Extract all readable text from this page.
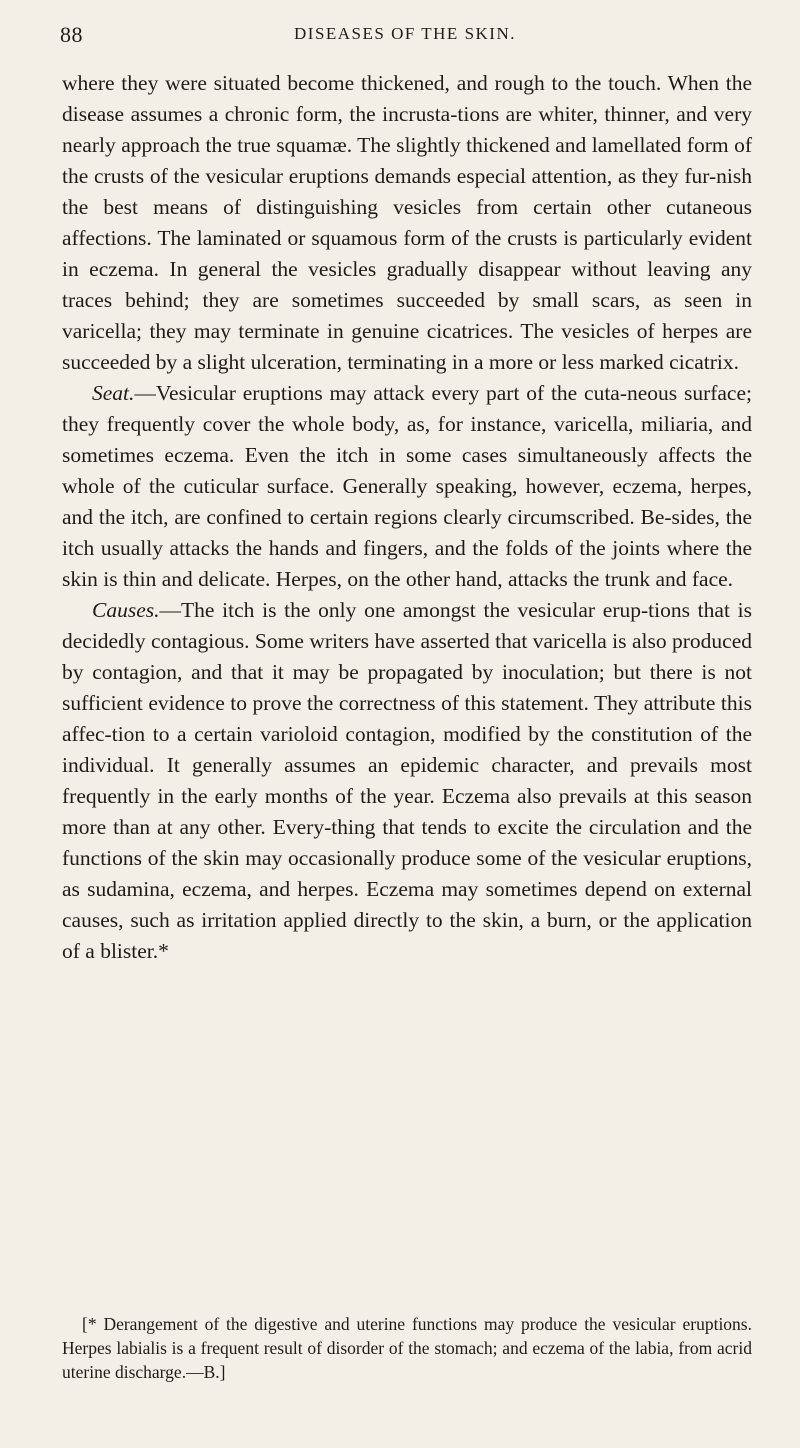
88	DISEASES OF THE SKIN.

where they were situated become thickened, and rough to the touch. When the disease assumes a chronic form, the incrusta-tions are whiter, thinner, and very nearly approach the true squamæ. The slightly thickened and lamellated form of the crusts of the vesicular eruptions demands especial attention, as they fur-nish the best means of distinguishing vesicles from certain other cutaneous affections. The laminated or squamous form of the crusts is particularly evident in eczema. In general the vesicles gradually disappear without leaving any traces behind; they are sometimes succeeded by small scars, as seen in varicella; they may terminate in genuine cicatrices. The vesicles of herpes are succeeded by a slight ulceration, terminating in a more or less marked cicatrix.

Seat.—Vesicular eruptions may attack every part of the cuta-neous surface; they frequently cover the whole body, as, for instance, varicella, miliaria, and sometimes eczema. Even the itch in some cases simultaneously affects the whole of the cuticular surface. Generally speaking, however, eczema, herpes, and the itch, are confined to certain regions clearly circumscribed. Be-sides, the itch usually attacks the hands and fingers, and the folds of the joints where the skin is thin and delicate. Herpes, on the other hand, attacks the trunk and face.

Causes.—The itch is the only one amongst the vesicular erup-tions that is decidedly contagious. Some writers have asserted that varicella is also produced by contagion, and that it may be propagated by inoculation; but there is not sufficient evidence to prove the correctness of this statement. They attribute this affec-tion to a certain varioloid contagion, modified by the constitution of the individual. It generally assumes an epidemic character, and prevails most frequently in the early months of the year. Eczema also prevails at this season more than at any other. Every-thing that tends to excite the circulation and the functions of the skin may occasionally produce some of the vesicular eruptions, as sudamina, eczema, and herpes. Eczema may sometimes depend on external causes, such as irritation applied directly to the skin, a burn, or the application of a blister.*

[* Derangement of the digestive and uterine functions may produce the vesicular eruptions. Herpes labialis is a frequent result of disorder of the stomach; and eczema of the labia, from acrid uterine discharge.—B.]
